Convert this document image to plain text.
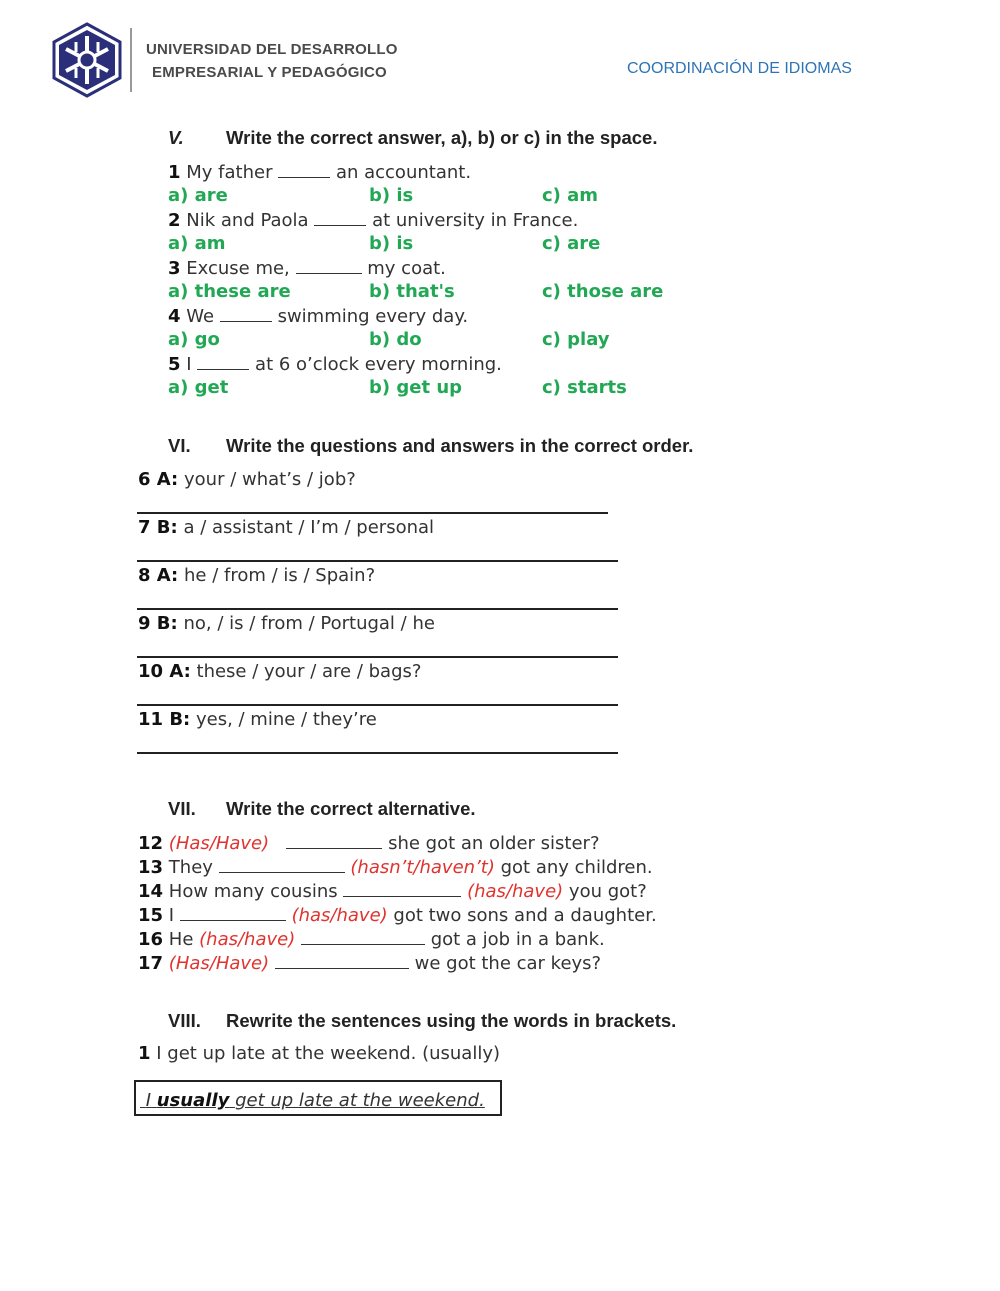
UNIVERSIDAD DEL DESARROLLO
EMPRESARIAL Y PEDAGÓGICO	COORDINACIÓN DE IDIOMAS
V. Write the correct answer, a), b) or c) in the space.
1 My father	an accountant.
a) are	b) is	c) am
2 Nik and Paola	at university in France.
a) am	b) is	c) are
3 Excuse me,	my coat.
a) these are	b) that's	c) those are
4 We	swimming every day.
a) go	b) do	c) play
5 I	at 6 o’clock every morning.
a) get	b) get up	c) starts
VI. Write the questions and answers in the correct order.
6 A: your / what’s / job?
7 B: a / assistant / I’m / personal
8 A: he / from / is / Spain?
9 B: no, / is / from / Portugal / he
10 A: these / your / are / bags?
11 B: yes, / mine / they’re
VII. Write the correct alternative.
12 (Has/Have)	she got an older sister?
13 They	(hasn’t/haven’t) got any children.
14 How many cousins	(has/have) you got?
15 I	(has/have) got two sons and a daughter.
16 He (has/have)	got a job in a bank.
17 (Has/Have)	we got the car keys?
VIII. Rewrite the sentences using the words in brackets.
1 I get up late at the weekend. (usually)
I usually get up late at the weekend.
